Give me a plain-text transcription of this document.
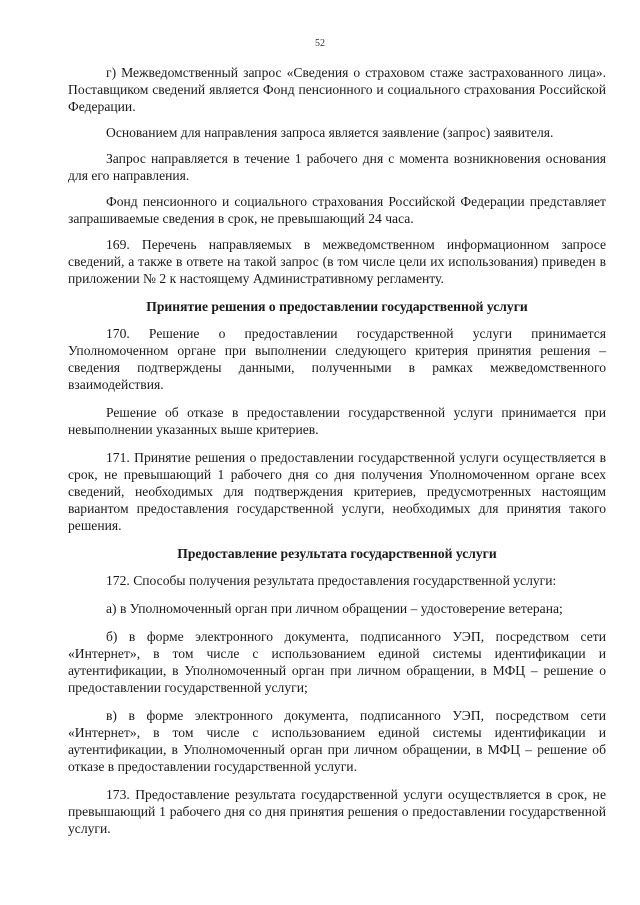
52

г) Межведомственный запрос «Сведения о страховом стаже застрахованного лица». Поставщиком сведений является Фонд пенсионного и социального страхования Российской Федерации.

Основанием для направления запроса является заявление (запрос) заявителя.

Запрос направляется в течение 1 рабочего дня с момента возникновения основания для его направления.

Фонд пенсионного и социального страхования Российской Федерации представляет запрашиваемые сведения в срок, не превышающий 24 часа.

169. Перечень направляемых в межведомственном информационном запросе сведений, а также в ответе на такой запрос (в том числе цели их использования) приведен в приложении № 2 к настоящему Административному регламенту.

Принятие решения о предоставлении государственной услуги

170. Решение о предоставлении государственной услуги принимается Уполномоченном органе при выполнении следующего критерия принятия решения – сведения подтверждены данными, полученными в рамках межведомственного взаимодействия.

Решение об отказе в предоставлении государственной услуги принимается при невыполнении указанных выше критериев.

171. Принятие решения о предоставлении государственной услуги осуществляется в срок, не превышающий 1 рабочего дня со дня получения Уполномоченном органе всех сведений, необходимых для подтверждения критериев, предусмотренных настоящим вариантом предоставления государственной услуги, необходимых для принятия такого решения.

Предоставление результата государственной услуги

172. Способы получения результата предоставления государственной услуги:

а) в Уполномоченный орган при личном обращении – удостоверение ветерана;

б) в форме электронного документа, подписанного УЭП, посредством сети «Интернет», в том числе с использованием единой системы идентификации и аутентификации, в Уполномоченный орган при личном обращении, в МФЦ – решение о предоставлении государственной услуги;

в) в форме электронного документа, подписанного УЭП, посредством сети «Интернет», в том числе с использованием единой системы идентификации и аутентификации, в Уполномоченный орган при личном обращении, в МФЦ – решение об отказе в предоставлении государственной услуги.

173. Предоставление результата государственной услуги осуществляется в срок, не превышающий 1 рабочего дня со дня принятия решения о предоставлении государственной услуги.
